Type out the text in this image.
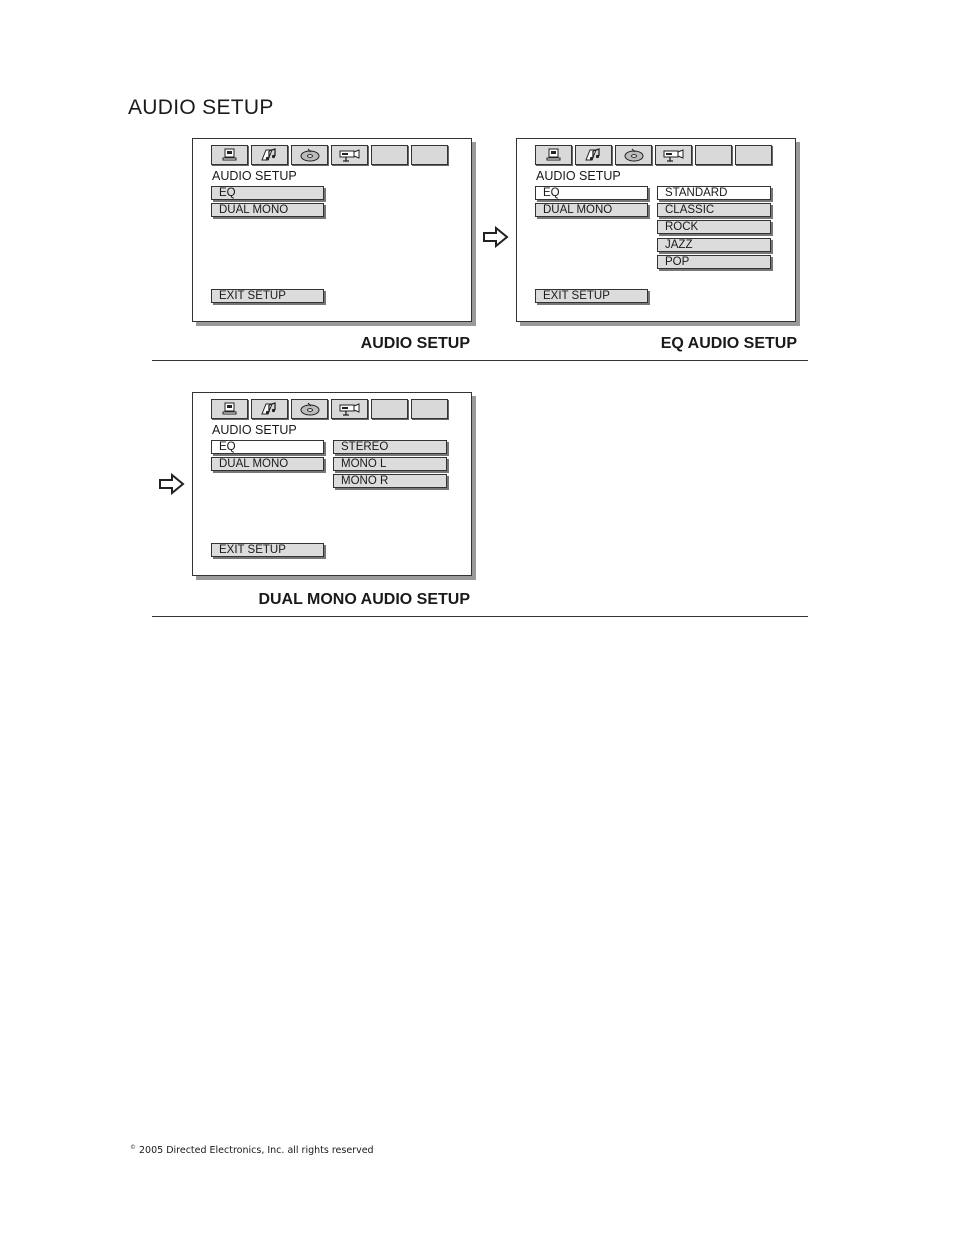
AUDIO SETUP
AUDIO SETUP
EQ
DUAL MONO
EXIT SETUP
AUDIO SETUP
AUDIO SETUP
EQ
DUAL MONO
STANDARD
CLASSIC
ROCK
JAZZ
POP
EXIT SETUP
EQ AUDIO SETUP
AUDIO SETUP
EQ
DUAL MONO
STEREO
MONO L
MONO R
EXIT SETUP
DUAL MONO AUDIO SETUP
© 2005 Directed Electronics, Inc. all rights reserved
